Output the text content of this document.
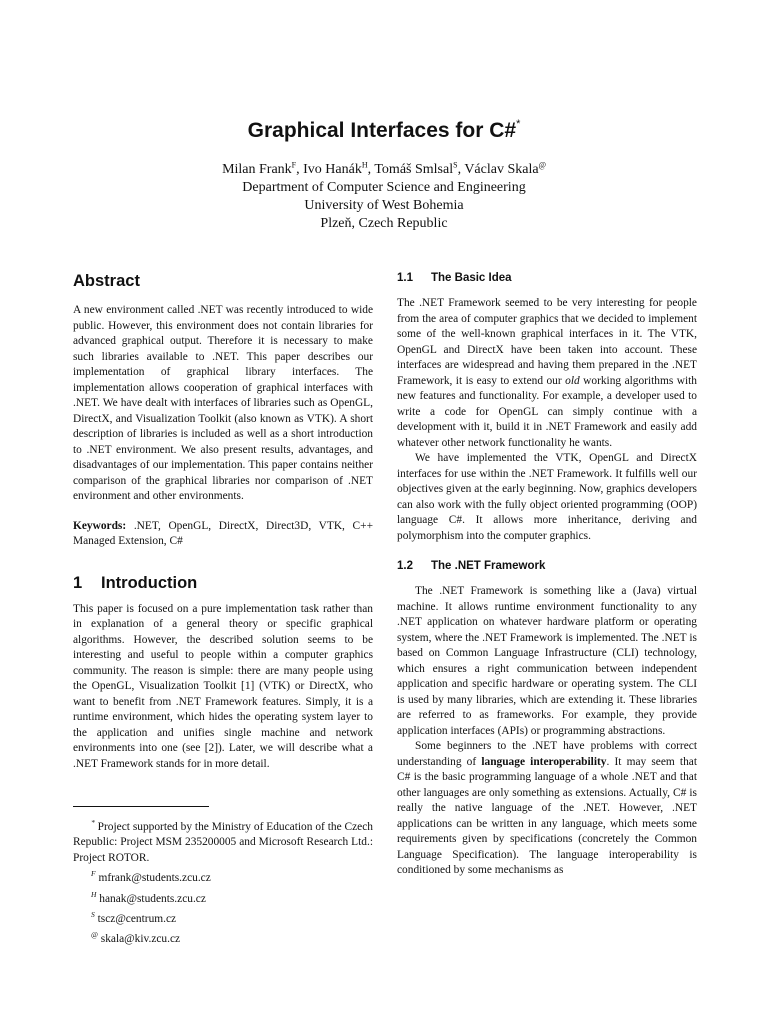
Graphical Interfaces for C#*
Milan Frank$^F$, Ivo Hanák$^H$, Tomáš Smlsal$^S$, Václav Skala@
Department of Computer Science and Engineering
University of West Bohemia
Plzeň, Czech Republic
Abstract

A new environment called .NET was recently introduced to wide public. However, this environment does not contain libraries for advanced graphical output. Therefore it is necessary to make such libraries available to .NET. This paper describes our implementation of graphical library interfaces. The implementation allows cooperation of graphical interfaces with .NET. We have dealt with interfaces of libraries such as OpenGL, DirectX, and Visualization Toolkit (also known as VTK). A short description of libraries is included as well as a short introduction to .NET environment. We also present results, advantages, and disadvantages of our implementation. This paper contains neither comparison of the graphical libraries nor comparison of .NET environment and other environments.

Keywords: .NET, OpenGL, DirectX, Direct3D, VTK, C++ Managed Extension, C#

1 Introduction

This paper is focused on a pure implementation task rather than in explanation of a general theory or specific graphical algorithms. However, the described solution seems to be interesting and useful to people within a computer graphics community. The reason is simple: there are many people using the OpenGL, Visualization Toolkit [1] (VTK) or DirectX, who want to benefit from .NET Framework features. Simply, it is a runtime environment, which hides the operating system layer to the application and unifies single machine and network environments into one (see [2]). Later, we will describe what a .NET Framework stands for in more detail.

* Project supported by the Ministry of Education of the Czech Republic: Project MSM 235200005 and Microsoft Research Ltd.: Project ROTOR.

$^F$ mfrank@students.zcu.cz
$^H$ hanak@students.zcu.cz
$^S$ tscz@centrum.cz
@ skala@kiv.zcu.cz
1.1 The Basic Idea

The .NET Framework seemed to be very interesting for people from the area of computer graphics that we decided to implement some of the well-known graphical interfaces in it. The VTK, OpenGL and DirectX have been taken into account. These interfaces are widespread and having them prepared in the .NET Framework, it is easy to extend our old working algorithms with new features and functionality. For example, a developer used to write a code for OpenGL can simply continue with a development with it, build it in .NET Framework and easily add whatever other network functionality he wants.

We have implemented the VTK, OpenGL and DirectX interfaces for use within the .NET Framework. It fulfills well our objectives given at the early beginning. Now, graphics developers can also work with the fully object oriented programming (OOP) language C#. It allows more inheritance, deriving and polymorphism into the computer graphics.

1.2 The .NET Framework

The .NET Framework is something like a (Java) virtual machine. It allows runtime environment functionality to any .NET application on whatever hardware platform or operating system, where the .NET Framework is implemented. The .NET is based on Common Language Infrastructure (CLI) technology, which ensures a right communication between independent application and specific hardware or operating system. The CLI is used by many libraries, which are extending it. These libraries are referred to as frameworks. For example, they provide application interfaces (APIs) or programming abstractions.

Some beginners to the .NET have problems with correct understanding of language interoperability. It may seem that C# is the basic programming language of a whole .NET and that other languages are only something as extensions. Actually, C# is really the native language of the .NET. However, .NET applications can be written in any language, which meets some requirements given by specifications (concretely the Common Language Specification). The language interoperability is conditioned by some mechanisms as
